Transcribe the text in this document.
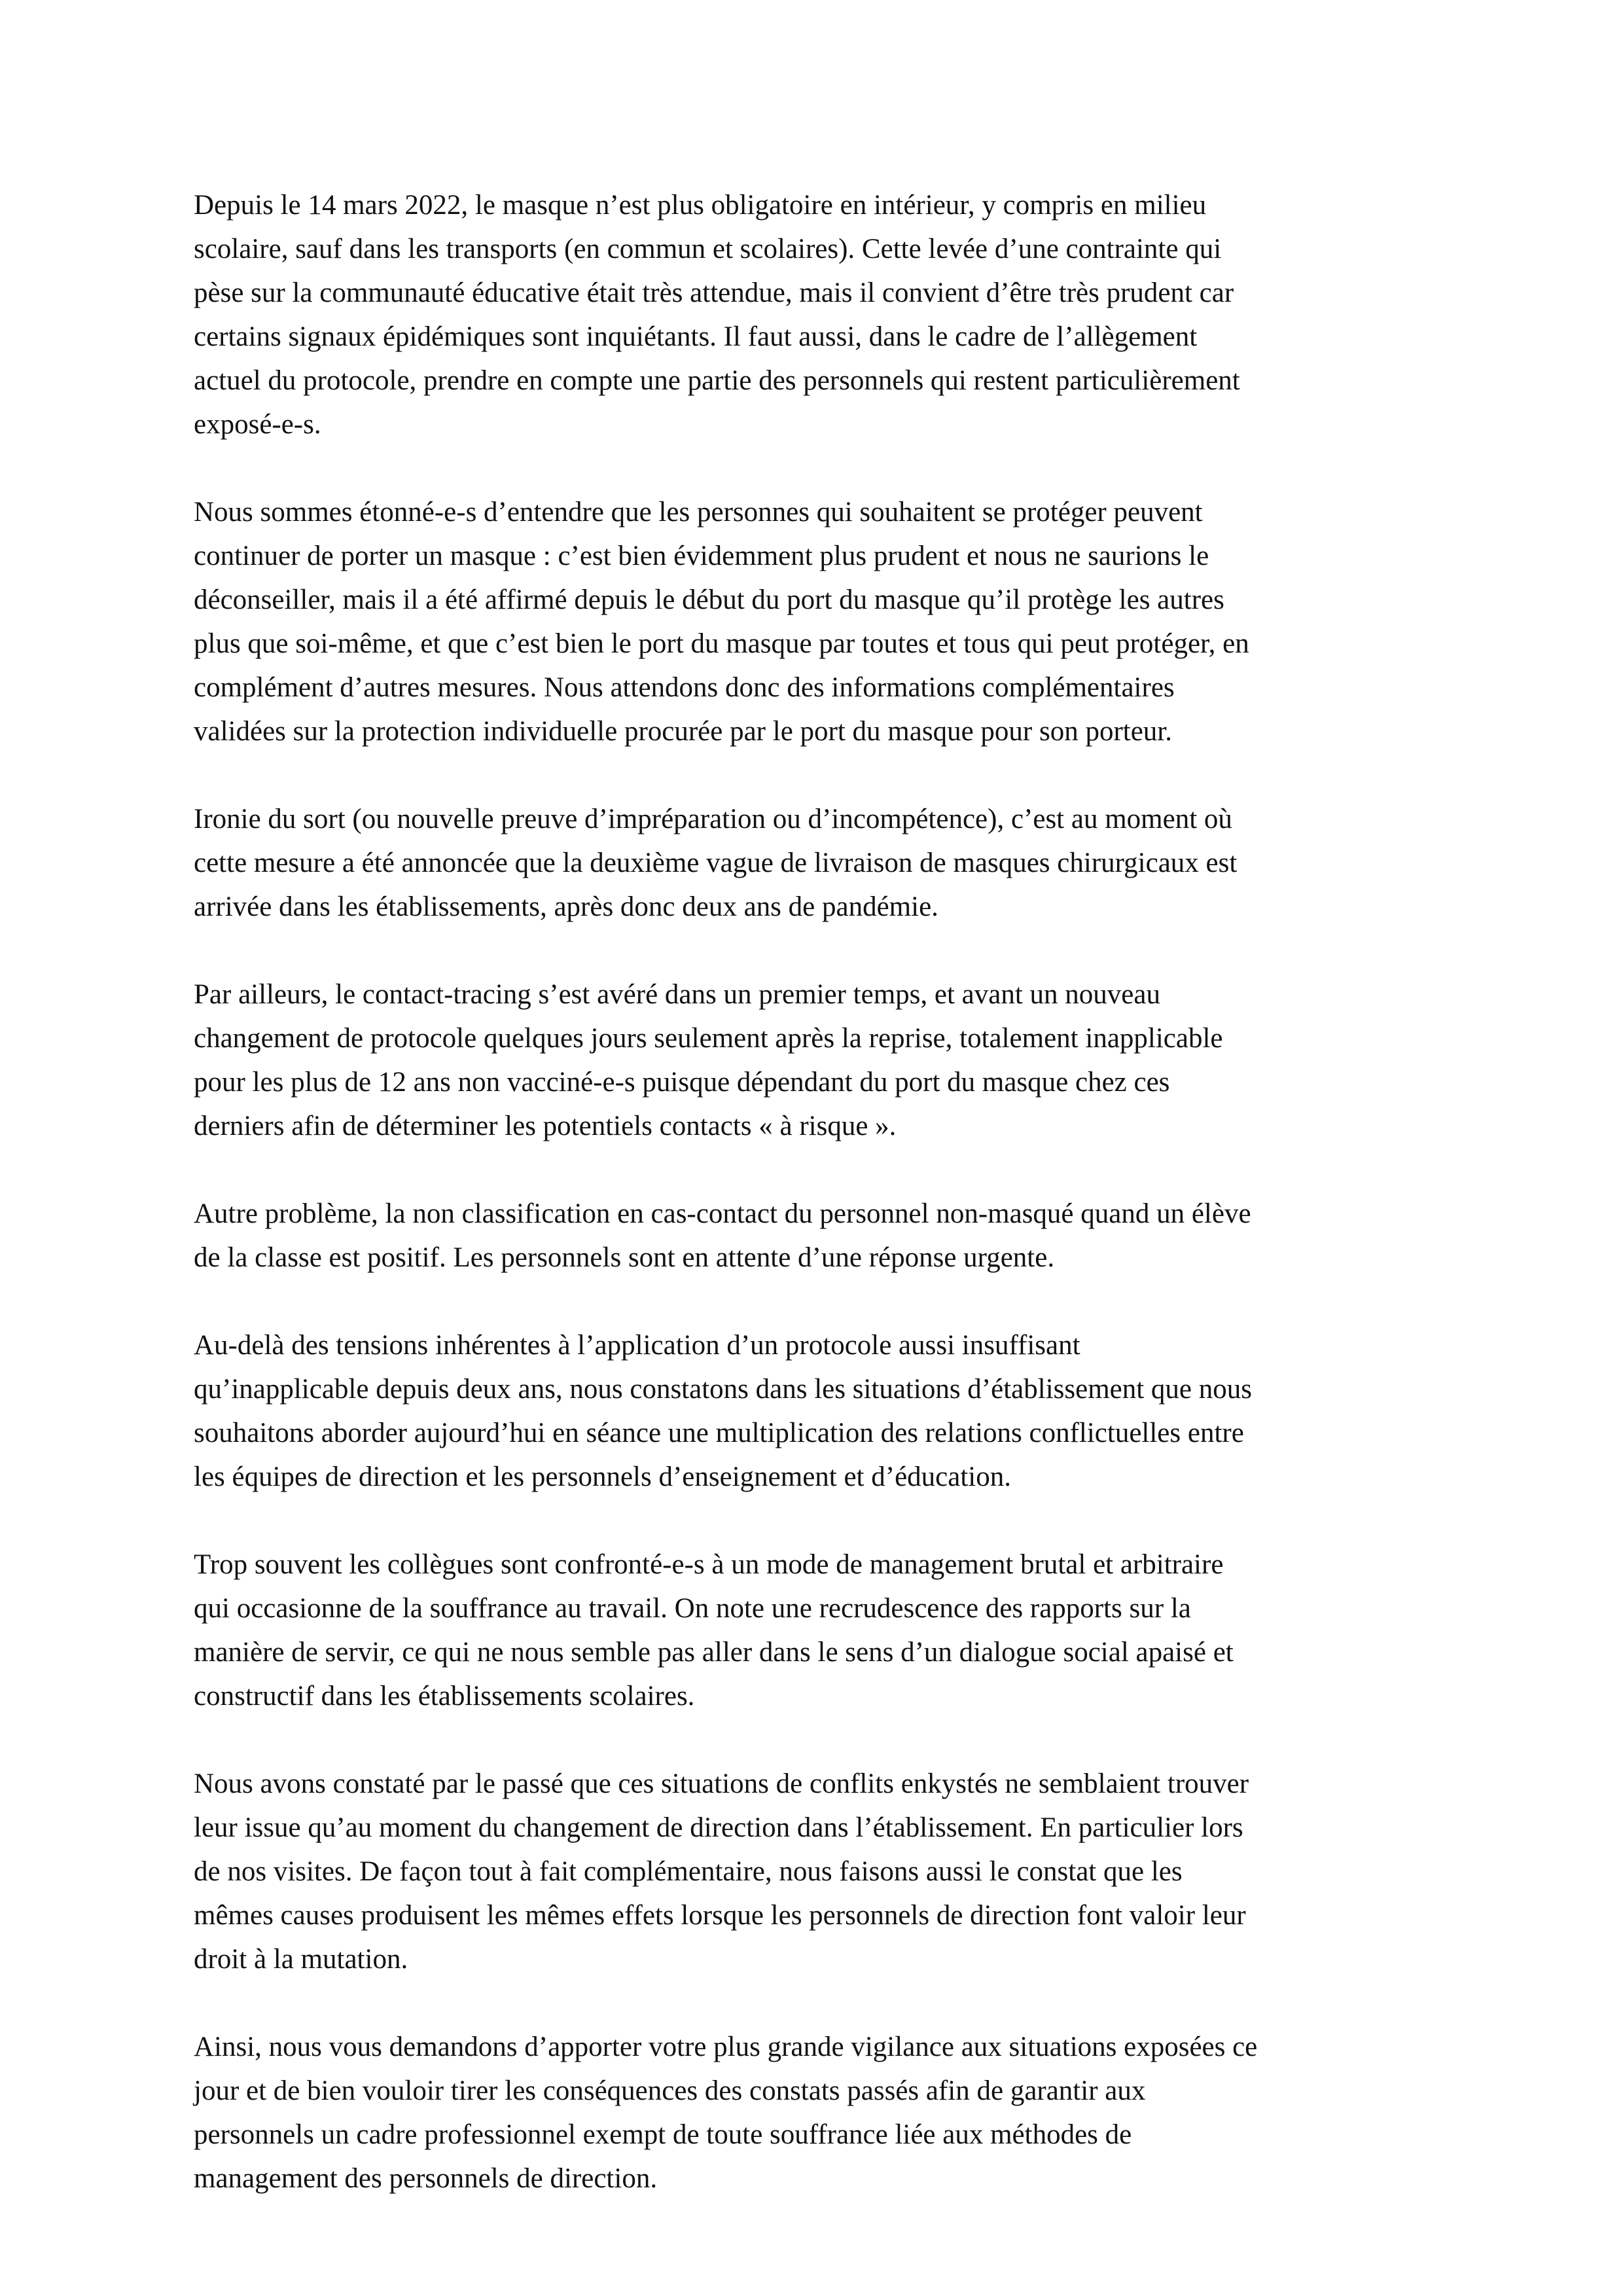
Depuis le 14 mars 2022, le masque n’est plus obligatoire en intérieur, y compris en milieu
scolaire, sauf dans les transports (en commun et scolaires). Cette levée d’une contrainte qui
pèse sur la communauté éducative était très attendue, mais il convient d’être très prudent car
certains signaux épidémiques sont inquiétants. Il faut aussi, dans le cadre de l’allègement
actuel du protocole, prendre en compte une partie des personnels qui restent particulièrement
exposé-e-s.

Nous sommes étonné-e-s d’entendre que les personnes qui souhaitent se protéger peuvent
continuer de porter un masque : c’est bien évidemment plus prudent et nous ne saurions le
déconseiller, mais il a été affirmé depuis le début du port du masque qu’il protège les autres
plus que soi-même, et que c’est bien le port du masque par toutes et tous qui peut protéger, en
complément d’autres mesures. Nous attendons donc des informations complémentaires
validées sur la protection individuelle procurée par le port du masque pour son porteur.

Ironie du sort (ou nouvelle preuve d’impréparation ou d’incompétence), c’est au moment où
cette mesure a été annoncée que la deuxième vague de livraison de masques chirurgicaux est
arrivée dans les établissements, après donc deux ans de pandémie.

Par ailleurs, le contact-tracing s’est avéré dans un premier temps, et avant un nouveau
changement de protocole quelques jours seulement après la reprise, totalement inapplicable
pour les plus de 12 ans non vacciné-e-s puisque dépendant du port du masque chez ces
derniers afin de déterminer les potentiels contacts « à risque ».

Autre problème, la non classification en cas-contact du personnel non-masqué quand un élève
de la classe est positif. Les personnels sont en attente d’une réponse urgente.

Au-delà des tensions inhérentes à l’application d’un protocole aussi insuffisant
qu’inapplicable depuis deux ans, nous constatons dans les situations d’établissement que nous
souhaitons aborder aujourd’hui en séance une multiplication des relations conflictuelles entre
les équipes de direction et les personnels d’enseignement et d’éducation.

Trop souvent les collègues sont confronté-e-s à un mode de management brutal et arbitraire
qui occasionne de la souffrance au travail. On note une recrudescence des rapports sur la
manière de servir, ce qui ne nous semble pas aller dans le sens d’un dialogue social apaisé et
constructif dans les établissements scolaires.

Nous avons constaté par le passé que ces situations de conflits enkystés ne semblaient trouver
leur issue qu’au moment du changement de direction dans l’établissement. En particulier lors
de nos visites. De façon tout à fait complémentaire, nous faisons aussi le constat que les
mêmes causes produisent les mêmes effets lorsque les personnels de direction font valoir leur
droit à la mutation.

Ainsi, nous vous demandons d’apporter votre plus grande vigilance aux situations exposées ce
jour et de bien vouloir tirer les conséquences des constats passés afin de garantir aux
personnels un cadre professionnel exempt de toute souffrance liée aux méthodes de
management des personnels de direction.
